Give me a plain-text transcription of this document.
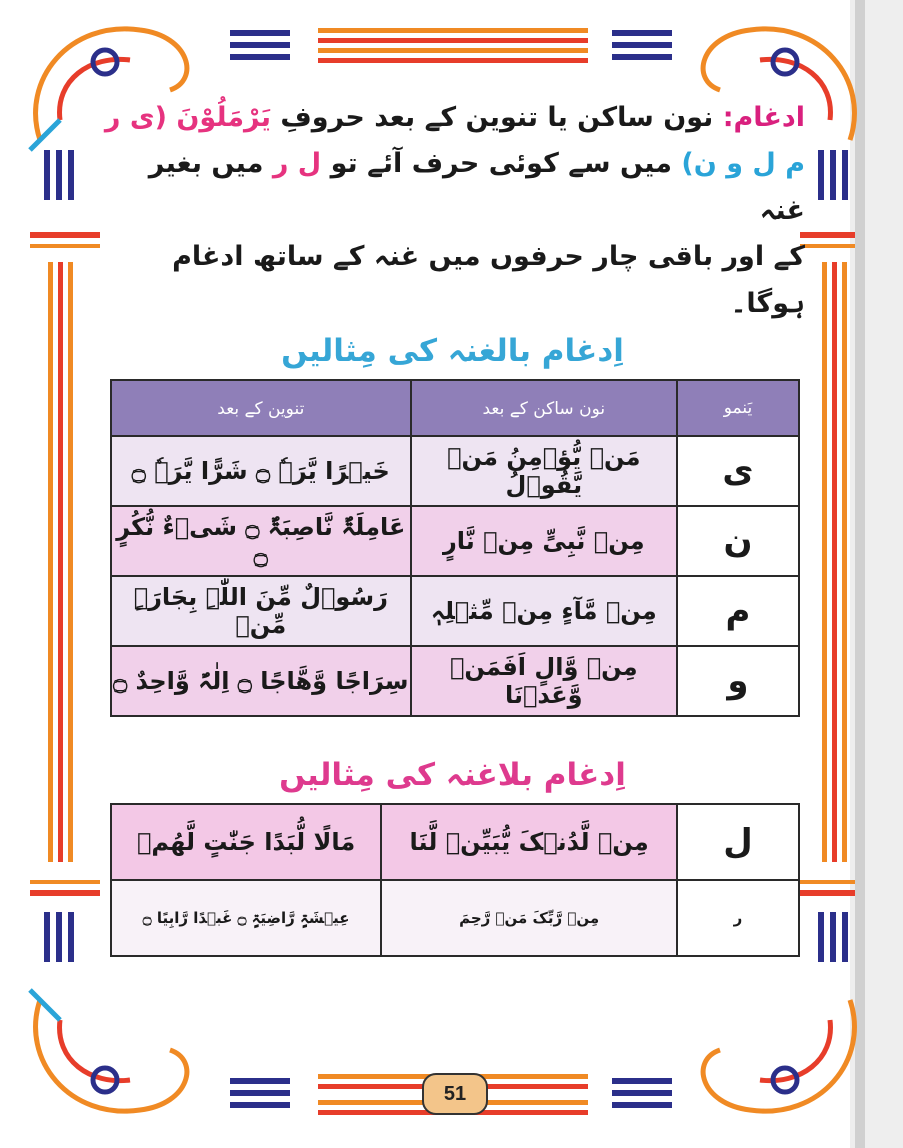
ادغام: نون ساکن یا تنوین کے بعد حروفِ یَرْمَلُوْنَ (ی ر
م ل و ن) میں سے کوئی حرف آئے تو ل ر میں بغیر غنہ
کے اور باقی چار حرفوں میں غنہ کے ساتھ ادغام ہوگا۔
اِدغام بالغنہ کی مِثالیں
یَنمو	نون ساکن کے بعد	تنوین کے بعد
ی	مَنۡ یُّؤۡمِنُ مَنۡ یَّقُوۡلُ	خَیۡرًا یَّرَہٗ ۝ شَرًّا یَّرَہٗ ۝
ن	مِنۡ نَّبِیٍّ مِنۡ نَّارٍ	عَامِلَۃٌ نَّاصِبَۃٌ ۝ شَیۡءٌ نُّکُرٍ ۝
م	مِنۡ مَّآءٍ مِنۡ مِّثۡلِہٖ	رَسُوۡلٌ مِّنَ اللّٰہِ بِجَارَۃٍ مِّنۡ
و	مِنۡ وَّالٍ اَفَمَنۡ وَّعَدۡنَا	سِرَاجًا وَّهَّاجًا ۝ اِلٰہٌ وَّاحِدٌ ۝
اِدغام بلاغنہ کی مِثالیں
ل	مِنۡ لَّدُنۡکَ یُّبَیِّنۡ لَّنَا	مَالًا لُّبَدًا جَنّٰتٍ لَّهُمۡ
ر	مِنۡ رَّبِّکَ مَنۡ رَّحِمَ	عِیۡشَۃٍ رَّاضِیَۃٍ ۝ غَبۡدًا رَّابِیًا ۝
51
